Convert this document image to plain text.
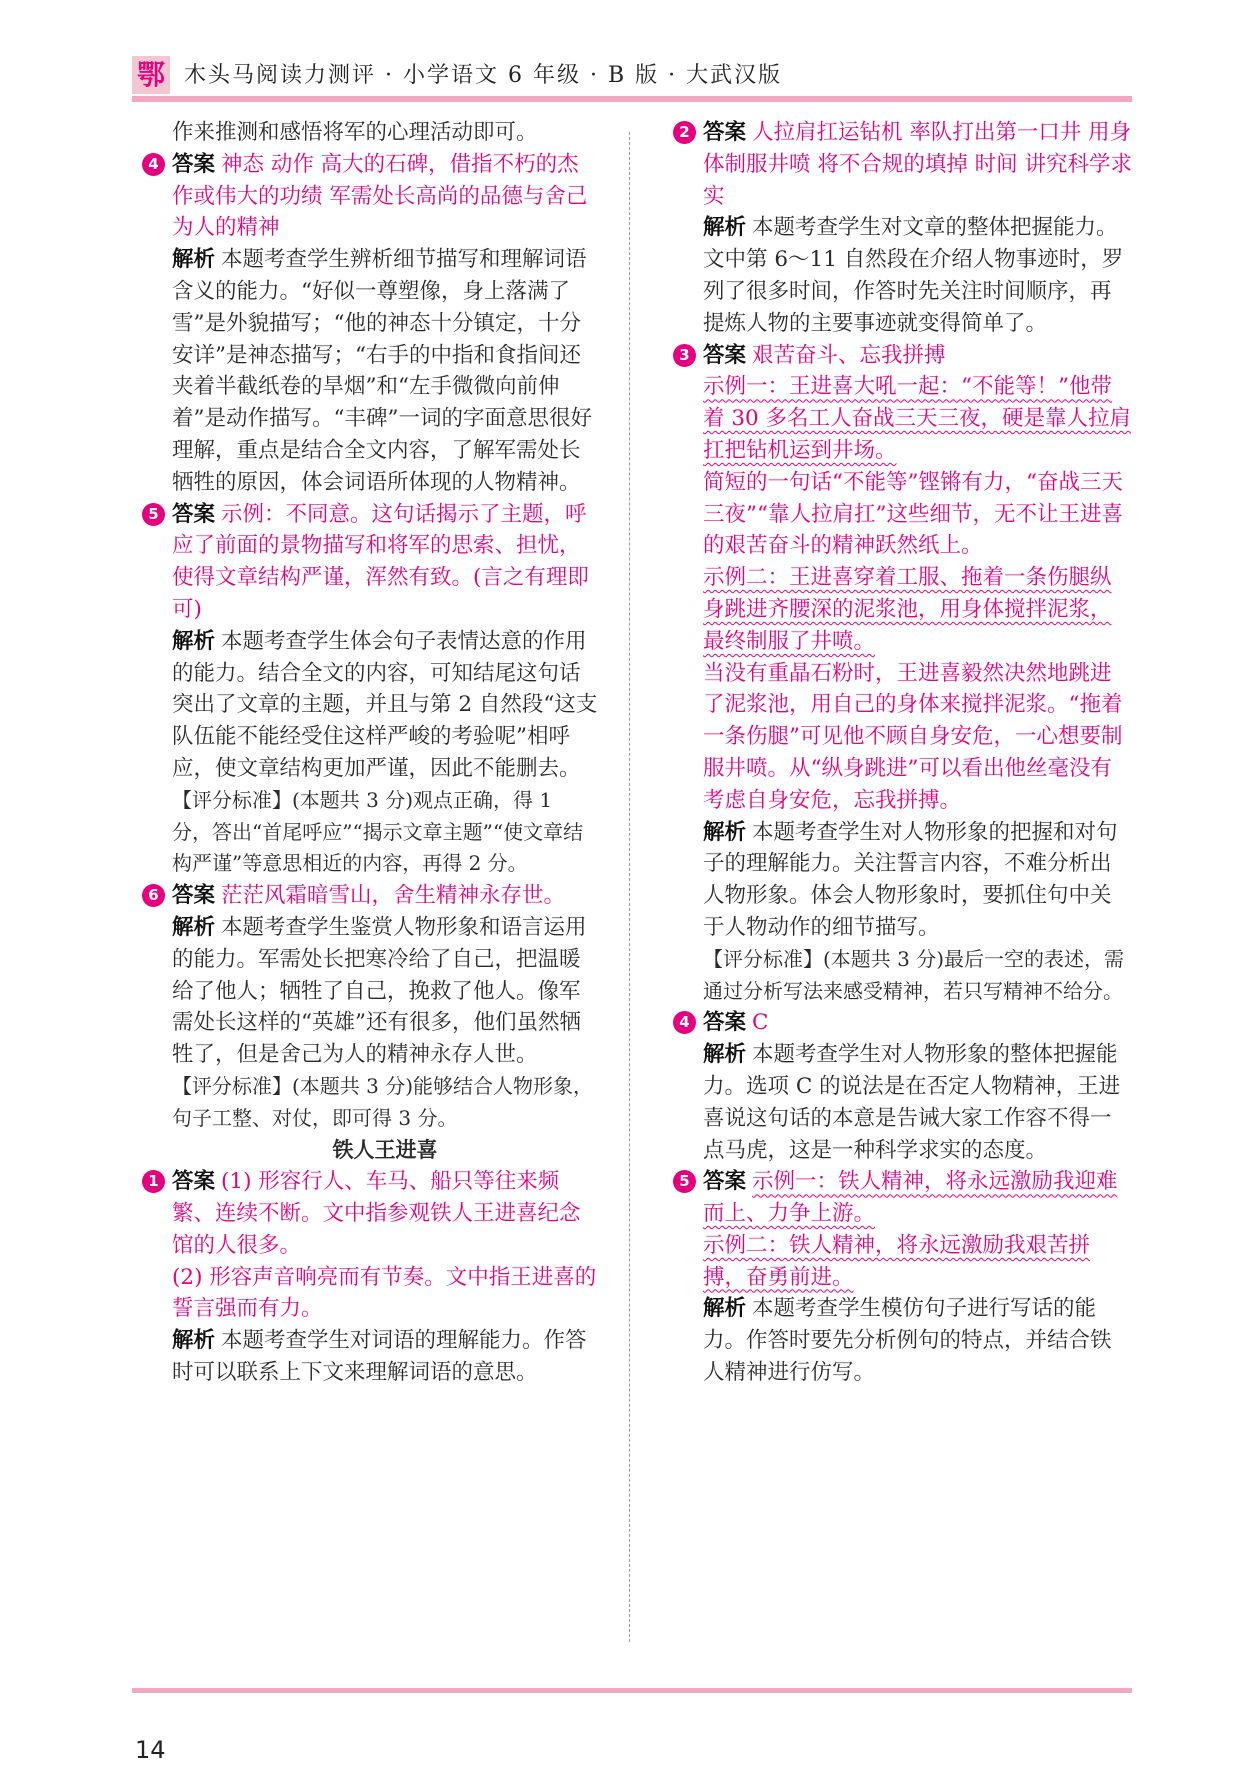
鄂 木头马阅读力测评 · 小学语文 6 年级 · B 版 · 大武汉版

作来推测和感悟将军的心理活动即可。

4 答案 神态 动作 高大的石碑，借指不朽的杰作或伟大的功绩 军需处长高尚的品德与舍己为人的精神

解析 本题考查学生辨析细节描写和理解词语含义的能力。“好似一尊塑像，身上落满了雪”是外貌描写；“他的神态十分镇定，十分安详”是神态描写；“右手的中指和食指间还夹着半截纸卷的旱烟”和“左手微微向前伸着”是动作描写。“丰碑”一词的字面意思很好理解，重点是结合全文内容，了解军需处长牺牲的原因，体会词语所体现的人物精神。

5 答案 示例：不同意。这句话揭示了主题，呼应了前面的景物描写和将军的思索、担忧，使得文章结构严谨，浑然有致。(言之有理即可)

解析 本题考查学生体会句子表情达意的作用的能力。结合全文的内容，可知结尾这句话突出了文章的主题，并且与第 2 自然段“这支队伍能不能经受住这样严峻的考验呢”相呼应，使文章结构更加严谨，因此不能删去。

【评分标准】(本题共 3 分)观点正确，得 1 分，答出“首尾呼应”“揭示文章主题”“使文章结构严谨”等意思相近的内容，再得 2 分。

6 答案 茫茫风霜暗雪山，舍生精神永存世。

解析 本题考查学生鉴赏人物形象和语言运用的能力。军需处长把寒冷给了自己，把温暖给了他人；牺牲了自己，挽救了他人。像军需处长这样的“英雄”还有很多，他们虽然牺牲了，但是舍己为人的精神永存人世。

【评分标准】(本题共 3 分)能够结合人物形象，句子工整、对仗，即可得 3 分。

铁人王进喜

1 答案 (1) 形容行人、车马、船只等往来频繁、连续不断。文中指参观铁人王进喜纪念馆的人很多。

(2) 形容声音响亮而有节奏。文中指王进喜的誓言强而有力。

解析 本题考查学生对词语的理解能力。作答时可以联系上下文来理解词语的意思。

2 答案 人拉肩扛运钻机 率队打出第一口井 用身体制服井喷 将不合规的填掉 时间 讲究科学求实

解析 本题考查学生对文章的整体把握能力。文中第 6～11 自然段在介绍人物事迹时，罗列了很多时间，作答时先关注时间顺序，再提炼人物的主要事迹就变得简单了。

3 答案 艰苦奋斗、忘我拼搏

示例一：王进喜大吼一起：“不能等！”他带着 30 多名工人奋战三天三夜，硬是靠人拉肩扛把钻机运到井场。

简短的一句话“不能等”铿锵有力，“奋战三天三夜”“靠人拉肩扛”这些细节，无不让王进喜的艰苦奋斗的精神跃然纸上。

示例二：王进喜穿着工服、拖着一条伤腿纵身跳进齐腰深的泥浆池，用身体搅拌泥浆，最终制服了井喷。

当没有重晶石粉时，王进喜毅然决然地跳进了泥浆池，用自己的身体来搅拌泥浆。“拖着一条伤腿”可见他不顾自身安危，一心想要制服井喷。从“纵身跳进”可以看出他丝毫没有考虑自身安危，忘我拼搏。

解析 本题考查学生对人物形象的把握和对句子的理解能力。关注誓言内容，不难分析出人物形象。体会人物形象时，要抓住句中关于人物动作的细节描写。

【评分标准】(本题共 3 分)最后一空的表述，需通过分析写法来感受精神，若只写精神不给分。

4 答案 C

解析 本题考查学生对人物形象的整体把握能力。选项 C 的说法是在否定人物精神，王进喜说这句话的本意是告诫大家工作容不得一点马虎，这是一种科学求实的态度。

5 答案 示例一：铁人精神，将永远激励我迎难而上、力争上游。

示例二：铁人精神，将永远激励我艰苦拼搏，奋勇前进。

解析 本题考查学生模仿句子进行写话的能力。作答时要先分析例句的特点，并结合铁人精神进行仿写。

14
